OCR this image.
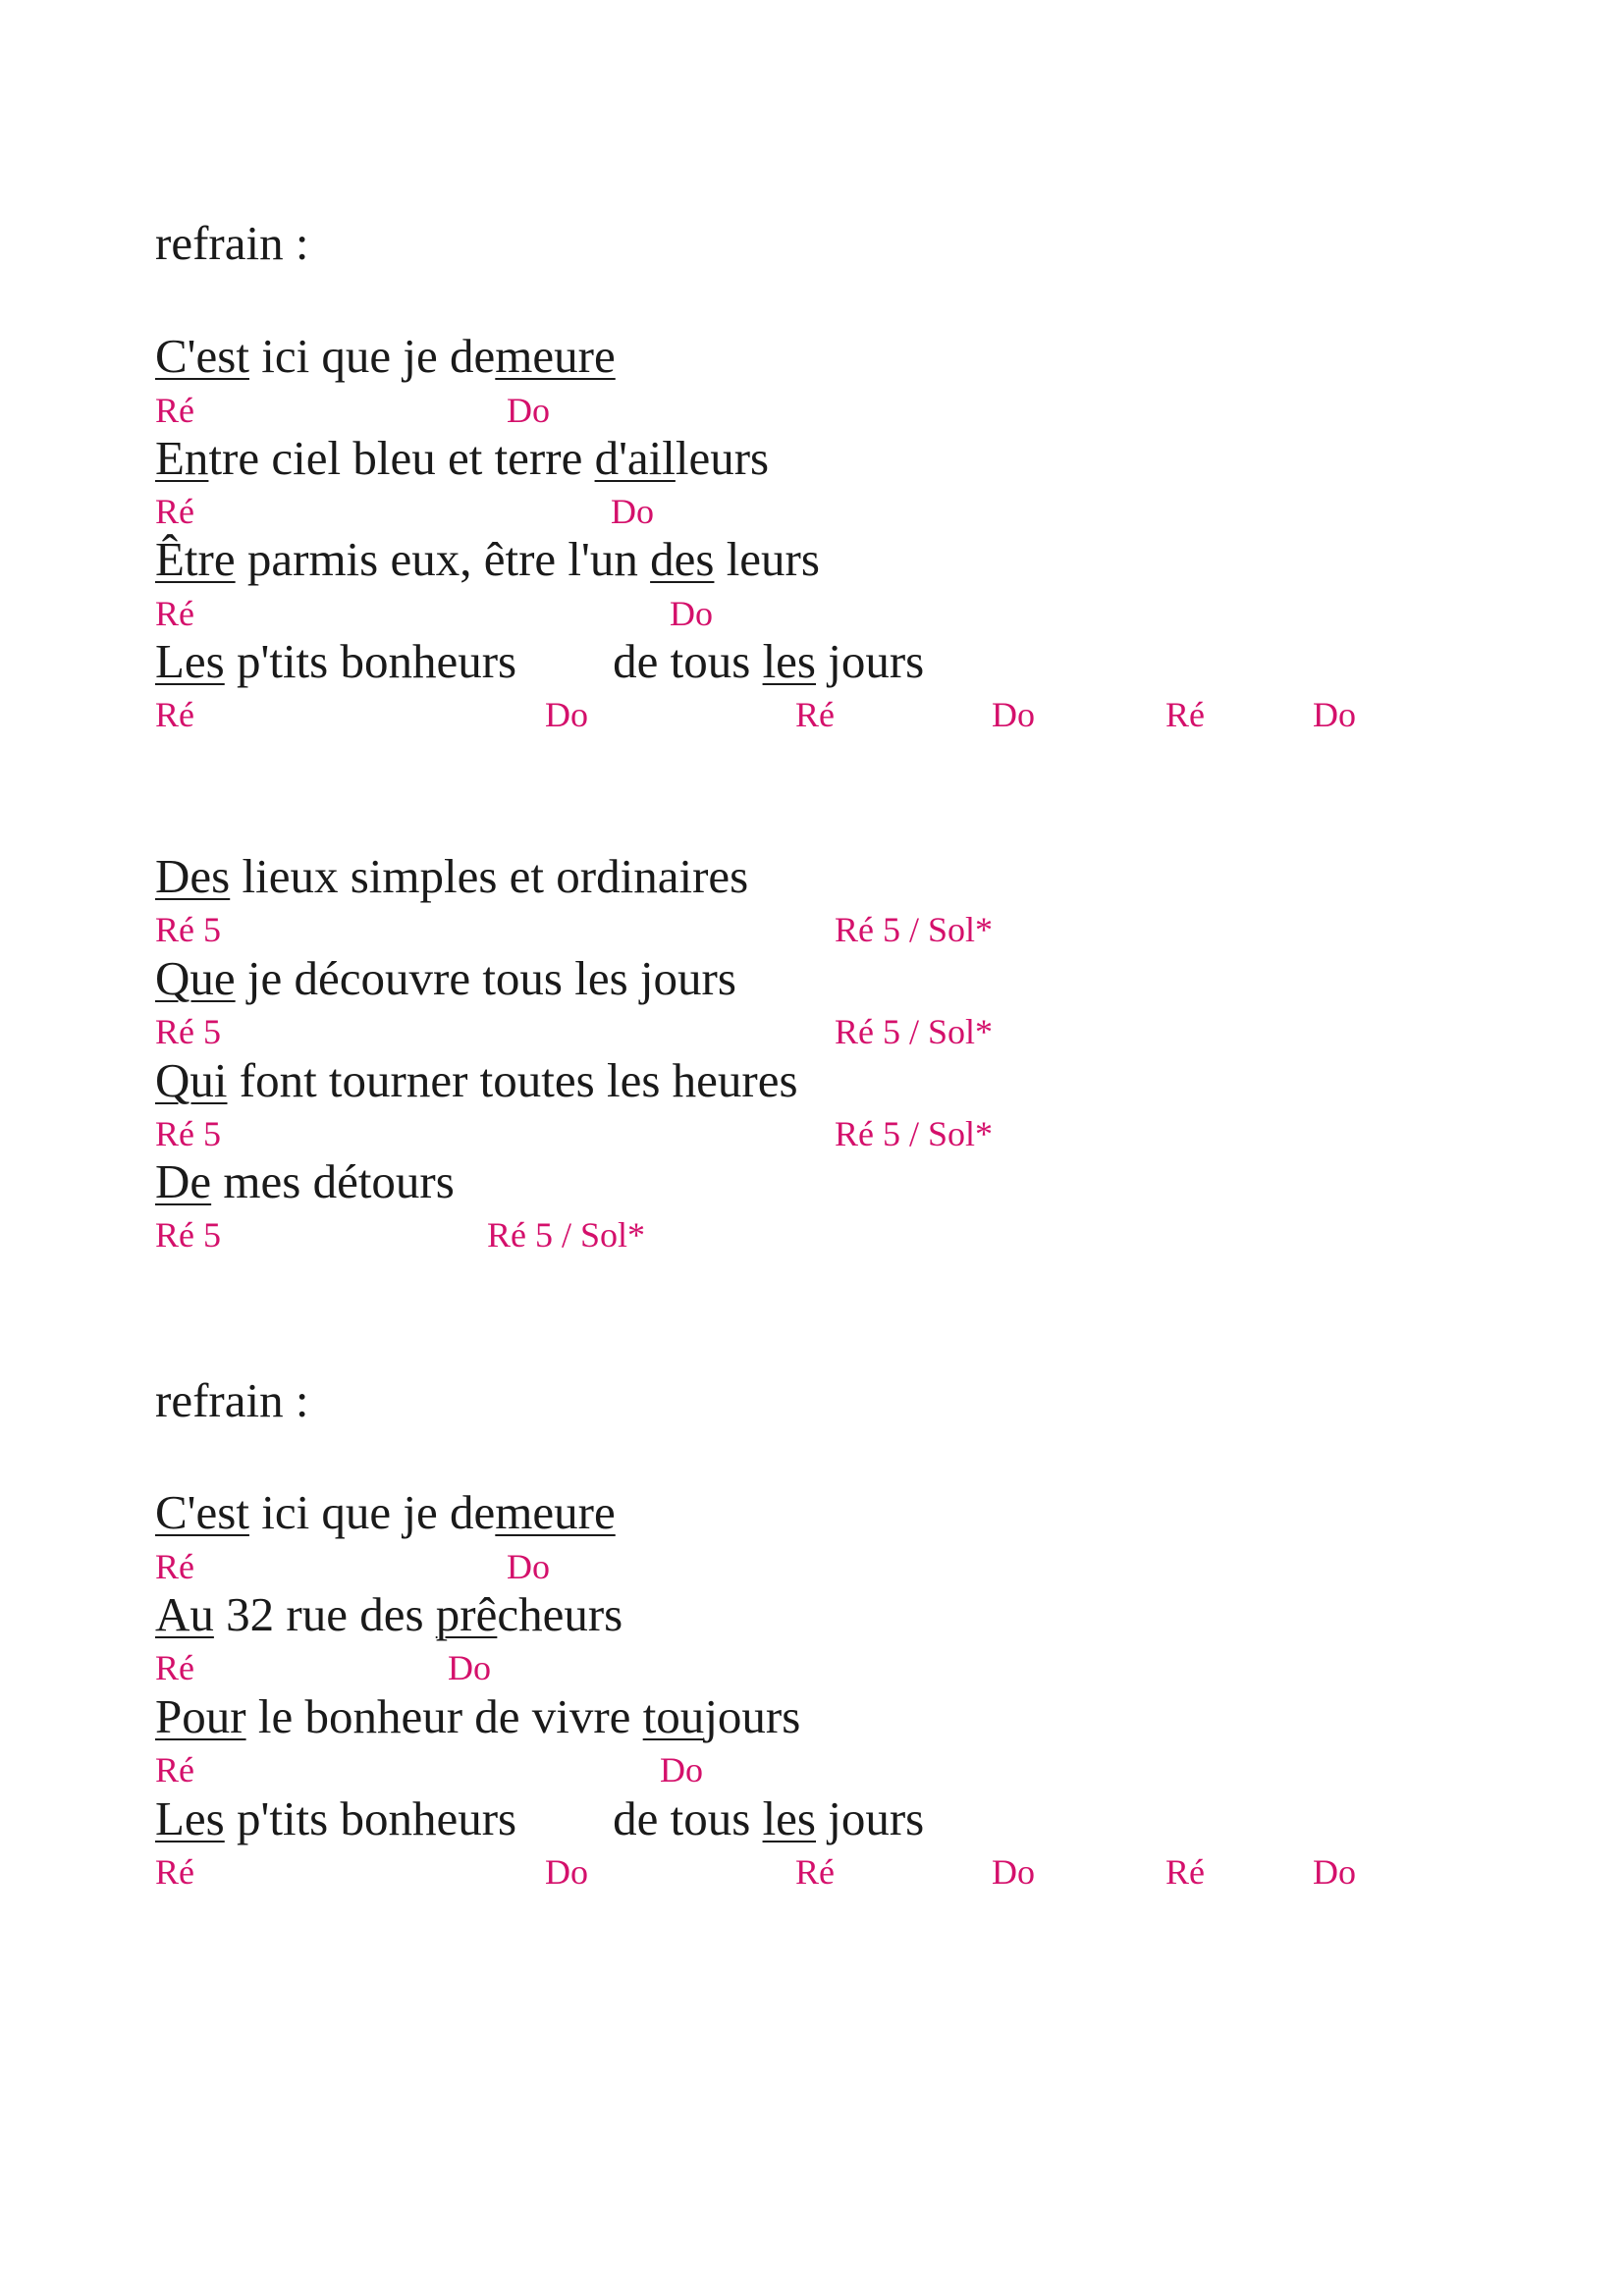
refrain :
C'est ici que je demeure
Ré	Do
Entre ciel bleu et terre d'ailleurs
Ré	Do
Être parmis eux, être l'un des leurs
Ré	Do
Les p'tits bonheurs        de tous les jours
Ré	Do	Ré	Do	Ré	Do
Des lieux simples et ordinaires
Ré 5	Ré 5 / Sol*
Que je découvre tous les jours
Ré 5	Ré 5 / Sol*
Qui font tourner toutes les heures
Ré 5	Ré 5 / Sol*
De mes détours
Ré 5	Ré 5 / Sol*
refrain :
C'est ici que je demeure
Ré	Do
Au 32 rue des prêcheurs
Ré	Do
Pour le bonheur de vivre toujours
Ré	Do
Les p'tits bonheurs        de tous les jours
Ré	Do	Ré	Do	Ré	Do
